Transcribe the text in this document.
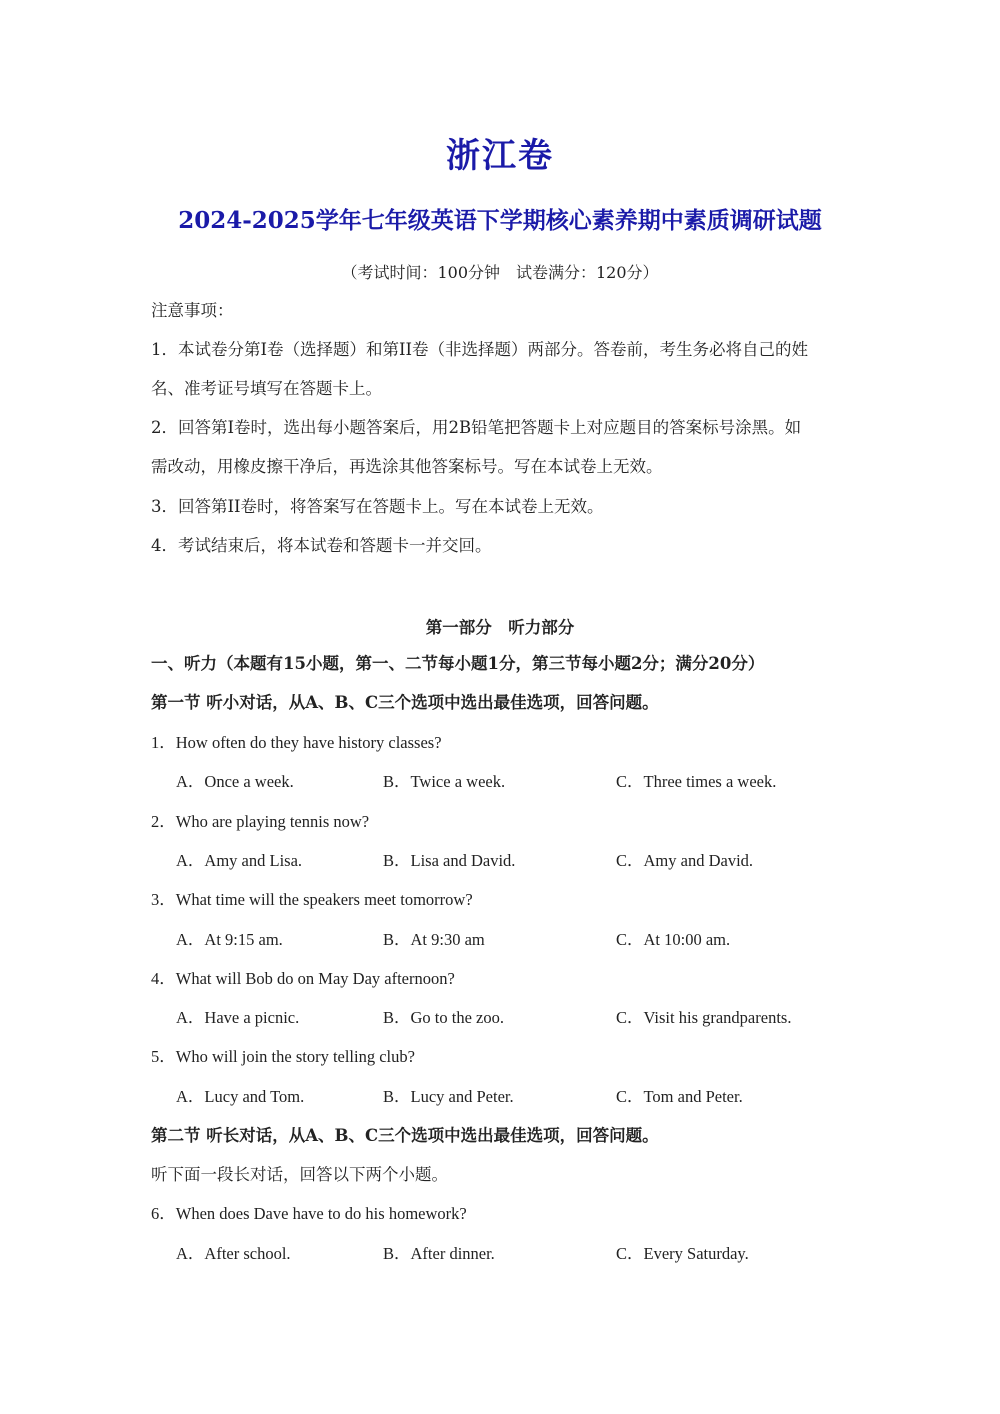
浙江卷
2024-2025学年七年级英语下学期核心素养期中素质调研试题
（考试时间：100分钟　试卷满分：120分）
注意事项：
1．本试卷分第I卷（选择题）和第II卷（非选择题）两部分。答卷前，考生务必将自己的姓
名、准考证号填写在答题卡上。
2．回答第I卷时，选出每小题答案后，用2B铅笔把答题卡上对应题目的答案标号涂黑。如
需改动，用橡皮擦干净后，再选涂其他答案标号。写在本试卷上无效。
3．回答第II卷时，将答案写在答题卡上。写在本试卷上无效。
4．考试结束后，将本试卷和答题卡一并交回。
第一部分　听力部分
一、听力（本题有15小题，第一、二节每小题1分，第三节每小题2分；满分20分）
第一节 听小对话，从A、B、C三个选项中选出最佳选项，回答问题。
1．How often do they have history classes?
A．Once a week.	B．Twice a week.	C．Three times a week.
2．Who are playing tennis now?
A．Amy and Lisa.	B．Lisa and David.	C．Amy and David.
3．What time will the speakers meet tomorrow?
A．At 9:15 am.	B．At 9:30 am	C．At 10:00 am.
4．What will Bob do on May Day afternoon?
A．Have a picnic.	B．Go to the zoo.	C．Visit his grandparents.
5．Who will join the story telling club?
A．Lucy and Tom.	B．Lucy and Peter.	C．Tom and Peter.
第二节 听长对话，从A、B、C三个选项中选出最佳选项，回答问题。
听下面一段长对话，回答以下两个小题。
6．When does Dave have to do his homework?
A．After school.	B．After dinner.	C．Every Saturday.
